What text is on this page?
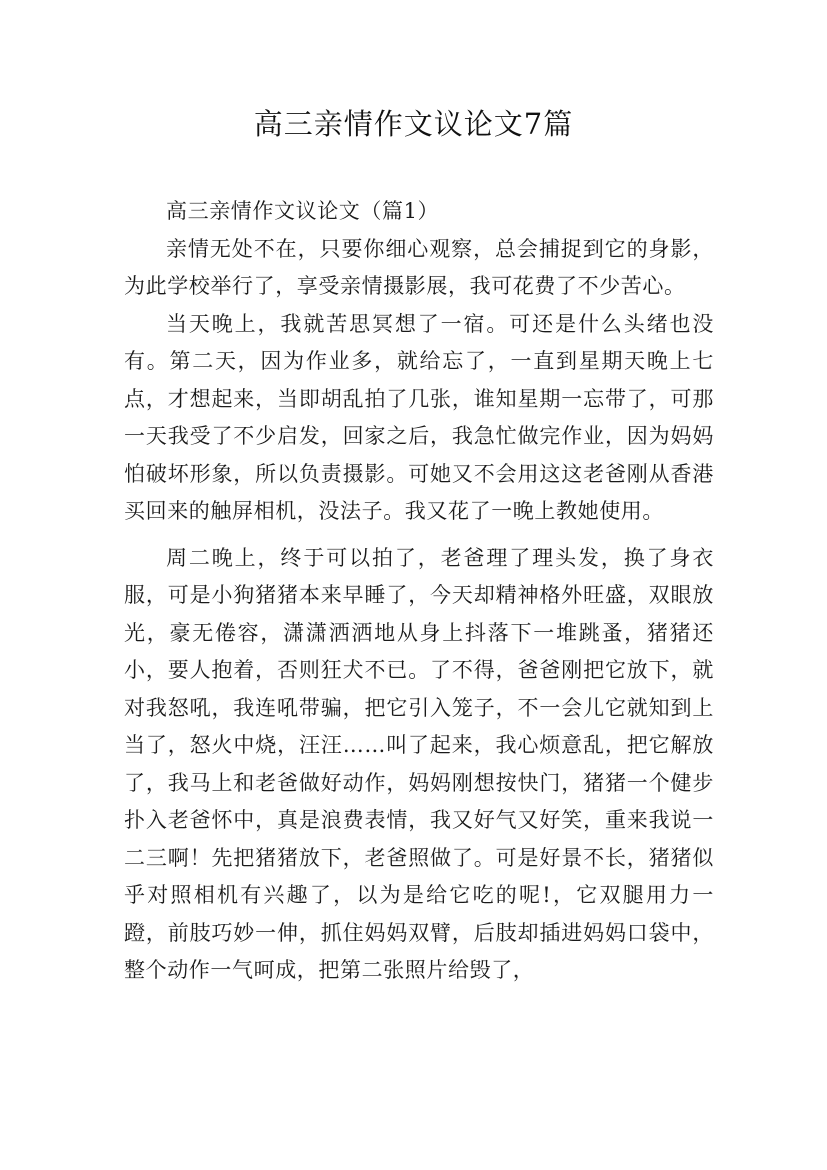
高三亲情作文议论文7篇

高三亲情作文议论文（篇1）

亲情无处不在，只要你细心观察，总会捕捉到它的身影，为此学校举行了，享受亲情摄影展，我可花费了不少苦心。

当天晚上，我就苦思冥想了一宿。可还是什么头绪也没有。第二天，因为作业多，就给忘了，一直到星期天晚上七点，才想起来，当即胡乱拍了几张，谁知星期一忘带了，可那一天我受了不少启发，回家之后，我急忙做完作业，因为妈妈怕破坏形象，所以负责摄影。可她又不会用这这老爸刚从香港买回来的触屏相机，没法子。我又花了一晚上教她使用。

周二晚上，终于可以拍了，老爸理了理头发，换了身衣服，可是小狗猪猪本来早睡了，今天却精神格外旺盛，双眼放光，豪无倦容，潇潇洒洒地从身上抖落下一堆跳蚤，猪猪还小，要人抱着，否则狂犬不已。了不得，爸爸刚把它放下，就对我怒吼，我连吼带骗，把它引入笼子，不一会儿它就知到上当了，怒火中烧，汪汪……叫了起来，我心烦意乱，把它解放了，我马上和老爸做好动作，妈妈刚想按快门，猪猪一个健步扑入老爸怀中，真是浪费表情，我又好气又好笑，重来我说一二三啊！先把猪猪放下，老爸照做了。可是好景不长，猪猪似乎对照相机有兴趣了，以为是给它吃的呢!，它双腿用力一蹬，前肢巧妙一伸，抓住妈妈双臂，后肢却插进妈妈口袋中，整个动作一气呵成，把第二张照片给毁了，
